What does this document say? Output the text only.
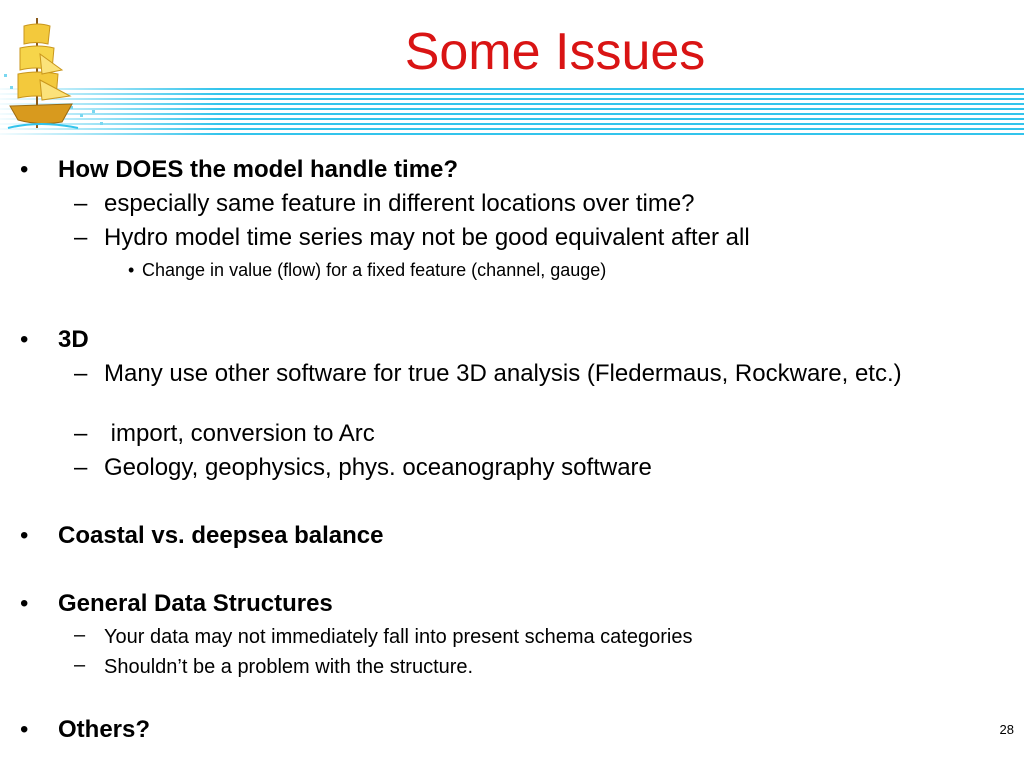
Some Issues
• How DOES the model handle time?
– especially same feature in different locations over time?
– Hydro model time series may not be good equivalent after all
• Change in value (flow) for a fixed feature (channel, gauge)
• 3D
– Many use other software for true 3D analysis (Fledermaus, Rockware, etc.)
– import, conversion to Arc
– Geology, geophysics, phys. oceanography software
• Coastal vs. deepsea balance
• General Data Structures
– Your data may not immediately fall into present schema categories
– Shouldn’t be a problem with the structure.
• Others?	28
